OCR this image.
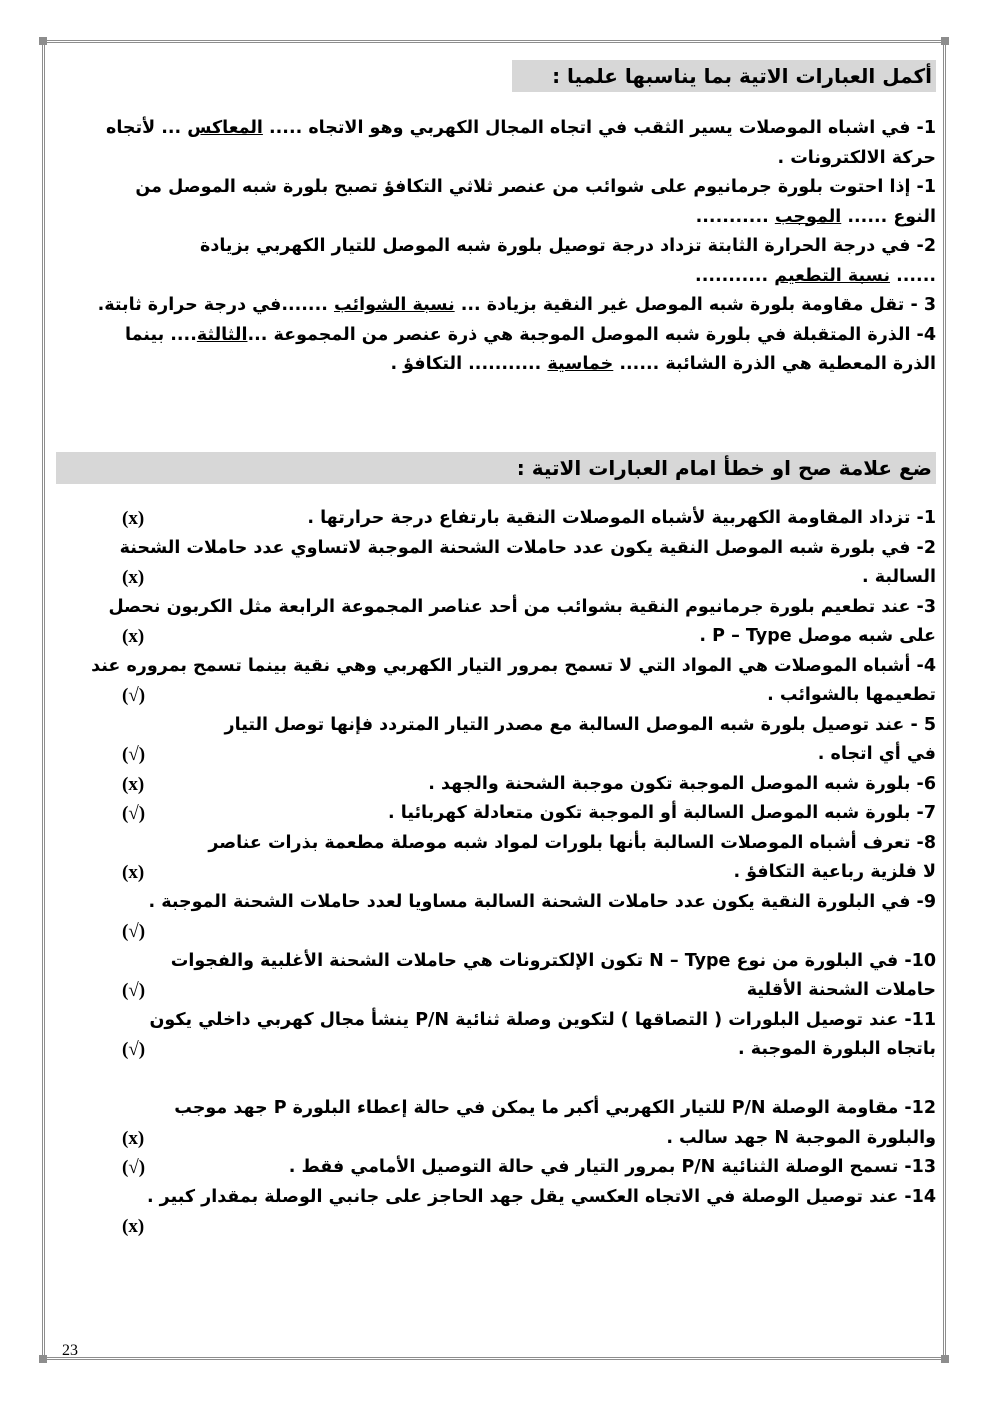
أكمل العبارات الاتية بما يناسبها علميا :
1- في اشباه الموصلات يسير الثقب في اتجاه المجال الكهربي وهو الاتجاه ..... المعاكس ... لأتجاه
حركة الالكترونات .
1- إذا احتوت بلورة جرمانيوم على شوائب من عنصر ثلاثي التكافؤ تصبح بلورة شبه الموصل من
النوع ...... الموجب ...........
2- في درجة الحرارة الثابتة تزداد درجة توصيل بلورة شبه الموصل للتيار الكهربي بزيادة
...... نسبة التطعيم ...........
3 - تقل مقاومة بلورة شبه الموصل غير النقية بزيادة ... نسبة الشوائب .......في درجة حرارة ثابتة.
4- الذرة المتقبلة في بلورة شبه الموصل الموجبة هي ذرة عنصر من المجموعة ...الثالثة.... بينما
الذرة المعطية هي الذرة الشائبة ...... خماسية ........... التكافؤ .
ضع علامة صح او خطأ امام العبارات الاتية :
1- تزداد المقاومة الكهربية لأشباه الموصلات النقية بارتفاع درجة حرارتها .
(x)
2- في بلورة شبه الموصل النقية يكون عدد حاملات الشحنة الموجبة لاتساوي عدد حاملات الشحنة
السالبة .
(x)
3- عند تطعيم بلورة جرمانيوم النقية بشوائب من أحد عناصر المجموعة الرابعة مثل الكربون نحصل
على شبه موصل P – Type .
(x)
4- أشباه الموصلات هي المواد التي لا تسمح بمرور التيار الكهربي وهي نقية بينما تسمح بمروره عند
تطعيمها بالشوائب .
(√)
5 - عند توصيل بلورة شبه الموصل السالبة مع مصدر التيار المتردد فإنها توصل التيار
في أي اتجاه .
(√)
6- بلورة شبه الموصل الموجبة تكون موجبة الشحنة والجهد .
(x)
7- بلورة شبه الموصل السالبة أو الموجبة تكون متعادلة كهربائيا .
(√)
8- تعرف أشباه الموصلات السالبة بأنها بلورات لمواد شبه موصلة مطعمة بذرات عناصر
لا فلزية رباعية التكافؤ .
(x)
9- في البلورة النقية يكون عدد حاملات الشحنة السالبة مساويا لعدد حاملات الشحنة الموجبة .

(√)
10- في البلورة من نوع N – Type تكون الإلكترونات هي حاملات الشحنة الأغلبية والفجوات
حاملات الشحنة الأقلية
(√)
11- عند توصيل البلورات ( التصاقها ) لتكوين وصلة ثنائية P/N ينشأ مجال كهربي داخلي يكون
باتجاه البلورة الموجبة .
(√)

12- مقاومة الوصلة P/N للتيار الكهربي أكبر ما يمكن في حالة إعطاء البلورة P جهد موجب
والبلورة الموجبة N جهد سالب .
(x)
13- تسمح الوصلة الثنائية P/N بمرور التيار في حالة التوصيل الأمامي فقط .
(√)
14- عند توصيل الوصلة في الاتجاه العكسي يقل جهد الحاجز على جانبي الوصلة بمقدار كبير .

(x)
23
